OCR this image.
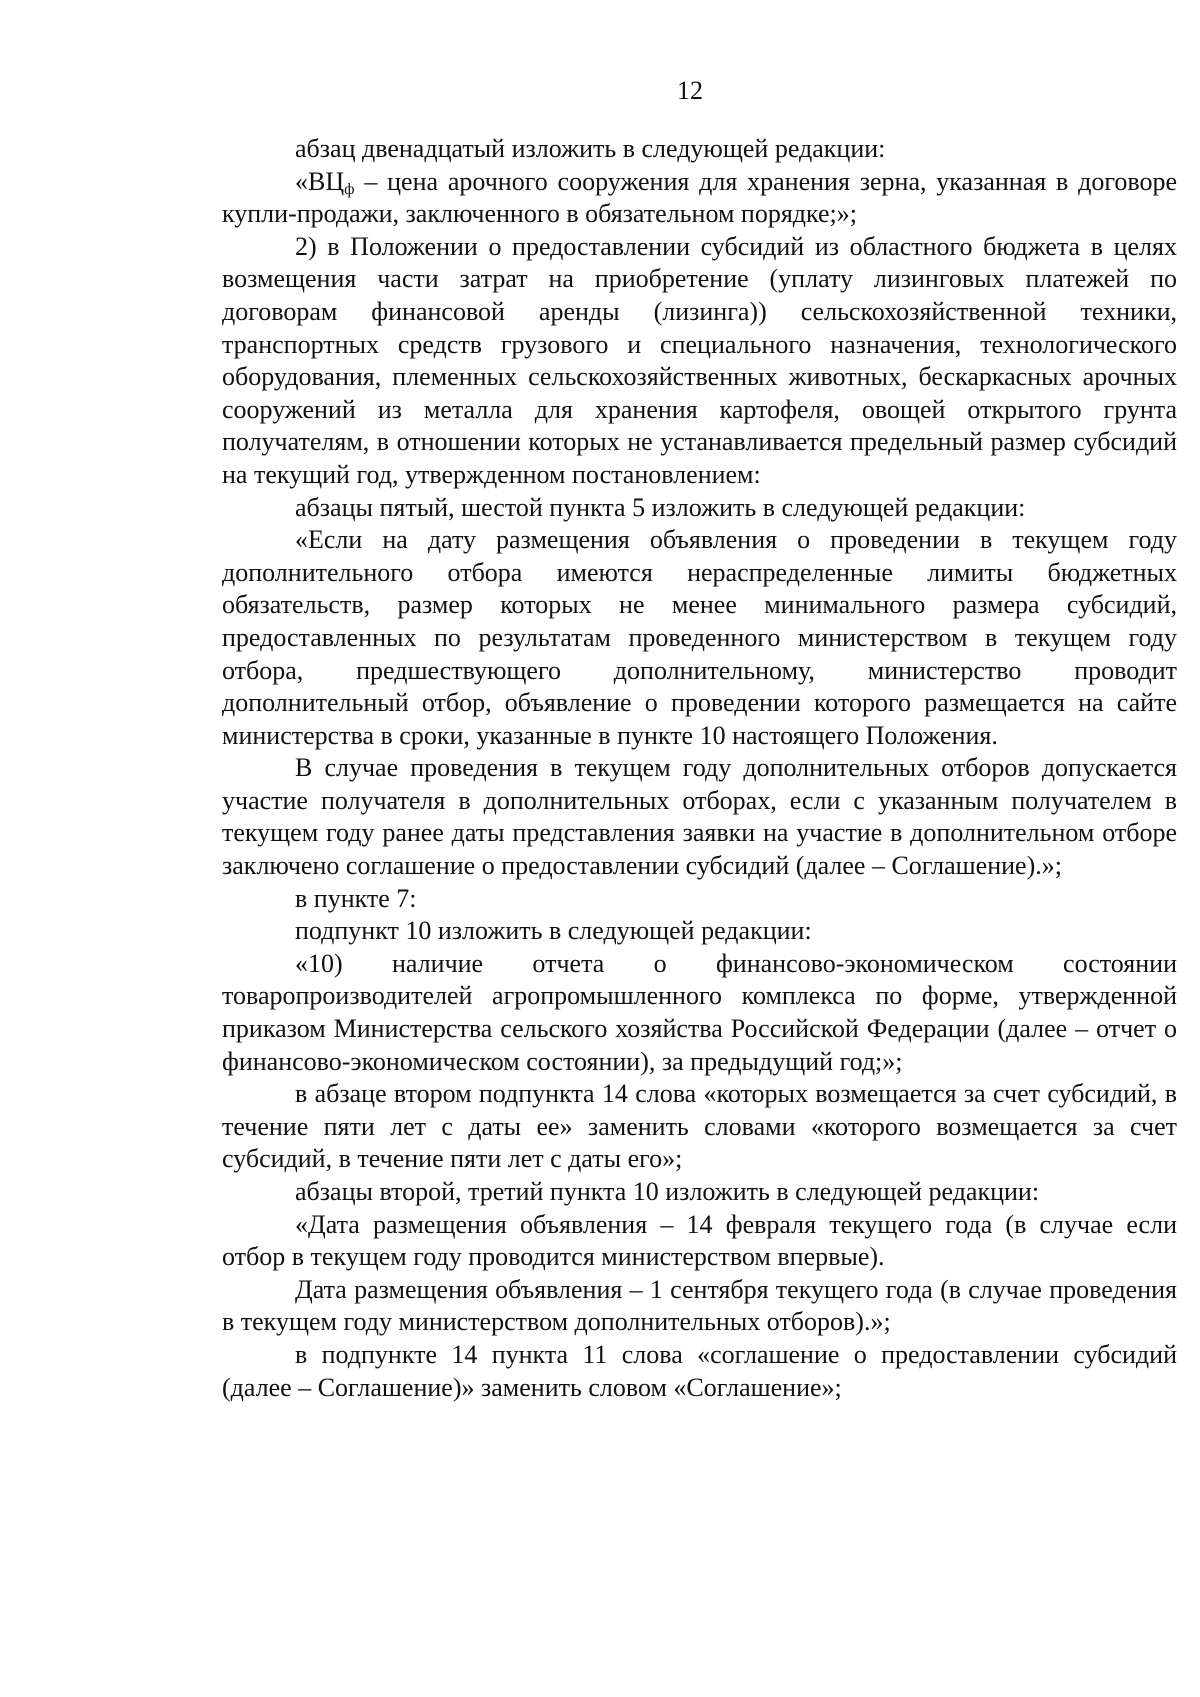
12

абзац двенадцатый изложить в следующей редакции:

«$ВЦ_ф$ – цена арочного сооружения для хранения зерна, указанная в договоре купли-продажи, заключенного в обязательном порядке;»;

2) в Положении о предоставлении субсидий из областного бюджета в целях возмещения части затрат на приобретение (уплату лизинговых платежей по договорам финансовой аренды (лизинга)) сельскохозяйственной техники, транспортных средств грузового и специального назначения, технологического оборудования, племенных сельскохозяйственных животных, бескаркасных арочных сооружений из металла для хранения картофеля, овощей открытого грунта получателям, в отношении которых не устанавливается предельный размер субсидий на текущий год, утвержденном постановлением:

абзацы пятый, шестой пункта 5 изложить в следующей редакции:

«Если на дату размещения объявления о проведении в текущем году дополнительного отбора имеются нераспределенные лимиты бюджетных обязательств, размер которых не менее минимального размера субсидий, предоставленных по результатам проведенного министерством в текущем году отбора, предшествующего дополнительному, министерство проводит дополнительный отбор, объявление о проведении которого размещается на сайте министерства в сроки, указанные в пункте 10 настоящего Положения.

В случае проведения в текущем году дополнительных отборов допускается участие получателя в дополнительных отборах, если с указанным получателем в текущем году ранее даты представления заявки на участие в дополнительном отборе заключено соглашение о предоставлении субсидий (далее – Соглашение).»;

в пункте 7:

подпункт 10 изложить в следующей редакции:

«10) наличие отчета о финансово-экономическом состоянии товаропроизводителей агропромышленного комплекса по форме, утвержденной приказом Министерства сельского хозяйства Российской Федерации (далее – отчет о финансово-экономическом состоянии), за предыдущий год;»;

в абзаце втором подпункта 14 слова «которых возмещается за счет субсидий, в течение пяти лет с даты ее» заменить словами «которого возмещается за счет субсидий, в течение пяти лет с даты его»;

абзацы второй, третий пункта 10 изложить в следующей редакции:

«Дата размещения объявления – 14 февраля текущего года (в случае если отбор в текущем году проводится министерством впервые).

Дата размещения объявления – 1 сентября текущего года (в случае проведения в текущем году министерством дополнительных отборов).»;

в подпункте 14 пункта 11 слова «соглашение о предоставлении субсидий (далее – Соглашение)» заменить словом «Соглашение»;
